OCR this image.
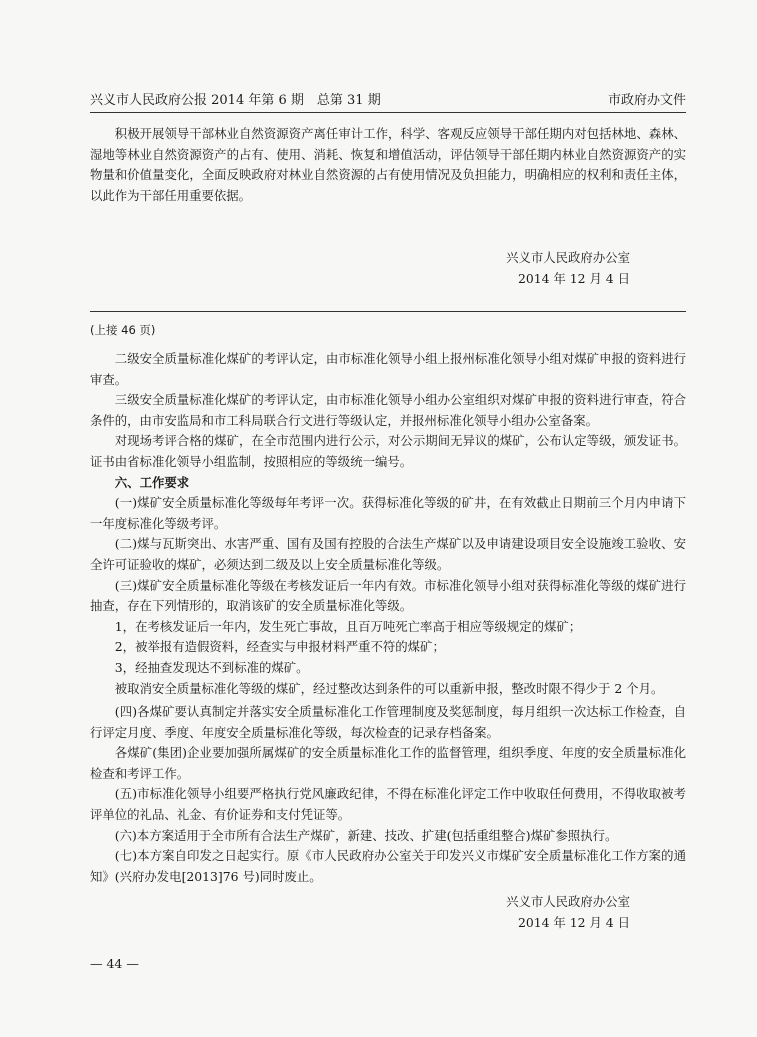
兴义市人民政府公报 2014 年第 6 期　总第 31 期	市政府办文件

积极开展领导干部林业自然资源资产离任审计工作，科学、客观反应领导干部任期内对包括林地、森林、湿地等林业自然资源资产的占有、使用、消耗、恢复和增值活动，评估领导干部任期内林业自然资源资产的实物量和价值量变化，全面反映政府对林业自然资源的占有使用情况及负担能力，明确相应的权利和责任主体，以此作为干部任用重要依据。

兴义市人民政府办公室
2014 年 12 月 4 日
(上接 46 页)

二级安全质量标准化煤矿的考评认定，由市标准化领导小组上报州标准化领导小组对煤矿申报的资料进行审查。

三级安全质量标准化煤矿的考评认定，由市标准化领导小组办公室组织对煤矿申报的资料进行审查，符合条件的，由市安监局和市工科局联合行文进行等级认定，并报州标准化领导小组办公室备案。

对现场考评合格的煤矿，在全市范围内进行公示，对公示期间无异议的煤矿，公布认定等级，颁发证书。证书由省标准化领导小组监制，按照相应的等级统一编号。

六、工作要求

(一)煤矿安全质量标准化等级每年考评一次。获得标准化等级的矿井，在有效截止日期前三个月内申请下一年度标准化等级考评。

(二)煤与瓦斯突出、水害严重、国有及国有控股的合法生产煤矿以及申请建设项目安全设施竣工验收、安全许可证验收的煤矿，必须达到二级及以上安全质量标准化等级。

(三)煤矿安全质量标准化等级在考核发证后一年内有效。市标准化领导小组对获得标准化等级的煤矿进行抽查，存在下列情形的，取消该矿的安全质量标准化等级。

1，在考核发证后一年内，发生死亡事故，且百万吨死亡率高于相应等级规定的煤矿；

2，被举报有造假资料，经查实与申报材料严重不符的煤矿；

3，经抽查发现达不到标准的煤矿。

被取消安全质量标准化等级的煤矿，经过整改达到条件的可以重新申报，整改时限不得少于 2 个月。

(四)各煤矿要认真制定并落实安全质量标准化工作管理制度及奖惩制度，每月组织一次达标工作检查，自行评定月度、季度、年度安全质量标准化等级，每次检查的记录存档备案。

各煤矿(集团)企业要加强所属煤矿的安全质量标准化工作的监督管理，组织季度、年度的安全质量标准化检查和考评工作。

(五)市标准化领导小组要严格执行党风廉政纪律，不得在标准化评定工作中收取任何费用，不得收取被考评单位的礼品、礼金、有价证券和支付凭证等。

(六)本方案适用于全市所有合法生产煤矿，新建、技改、扩建(包括重组整合)煤矿参照执行。

(七)本方案自印发之日起实行。原《市人民政府办公室关于印发兴义市煤矿安全质量标准化工作方案的通知》(兴府办发电[2013]76 号)同时废止。

兴义市人民政府办公室
2014 年 12 月 4 日
— 44 —
